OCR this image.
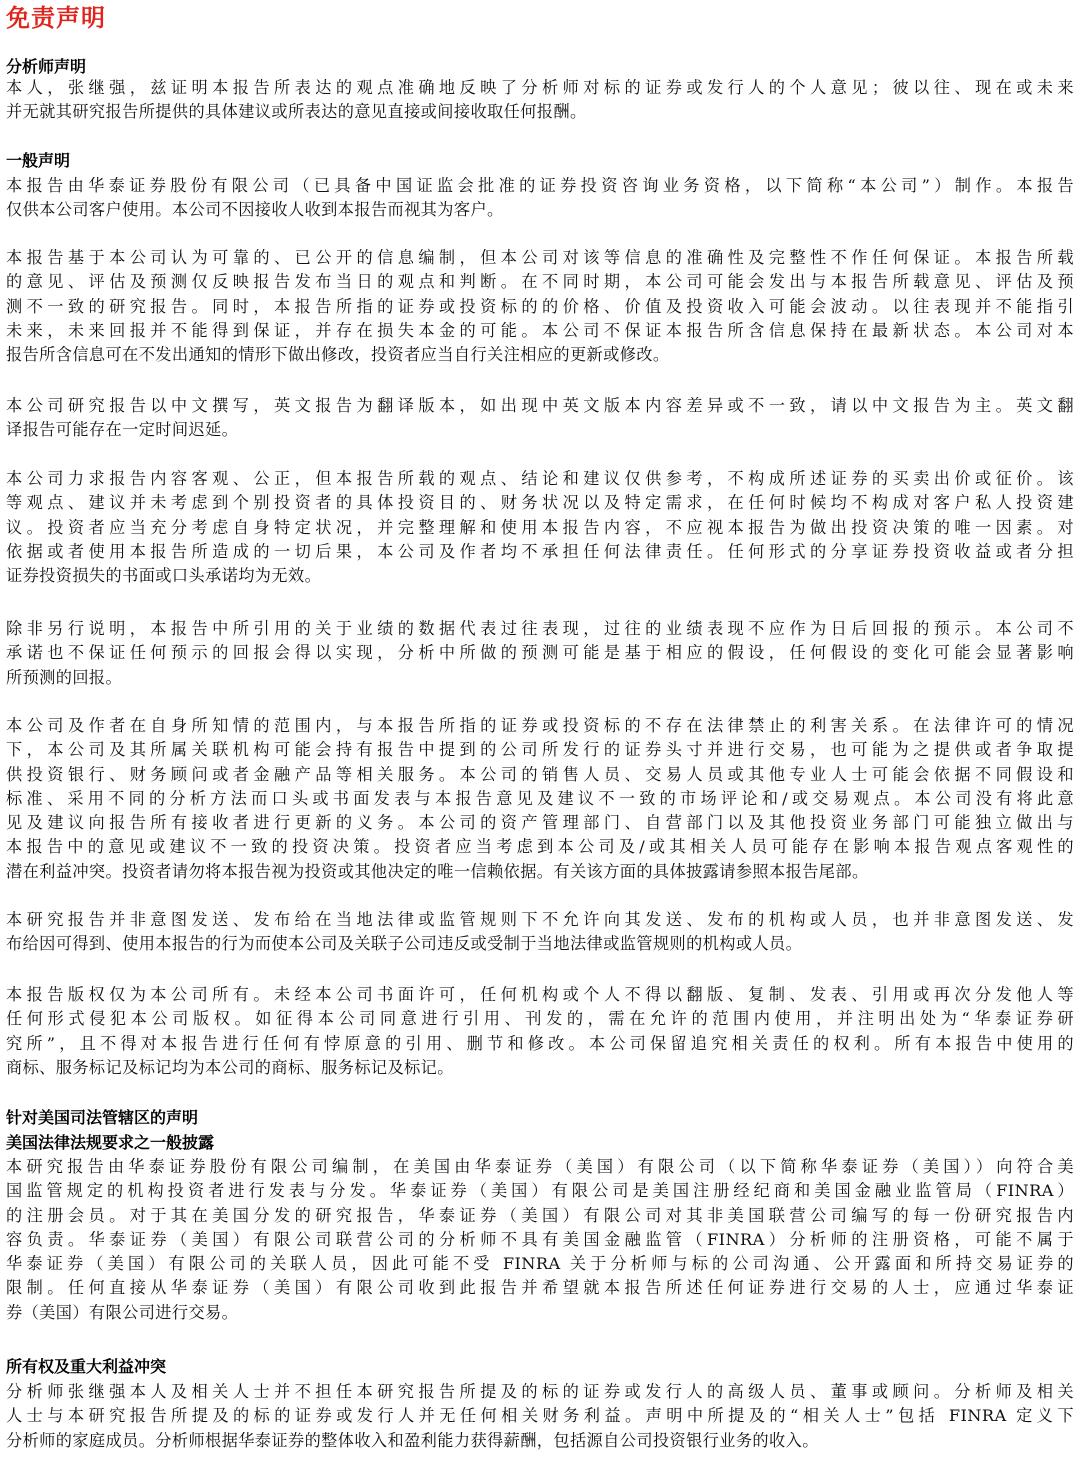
免责声明
分析师声明
本人，张继强，兹证明本报告所表达的观点准确地反映了分析师对标的证券或发行人的个人意见；彼以往、现在或未来
并无就其研究报告所提供的具体建议或所表达的意见直接或间接收取任何报酬。
一般声明
本报告由华泰证券股份有限公司（已具备中国证监会批准的证券投资咨询业务资格，以下简称“本公司”）制作。本报告
仅供本公司客户使用。本公司不因接收人收到本报告而视其为客户。
本报告基于本公司认为可靠的、已公开的信息编制，但本公司对该等信息的准确性及完整性不作任何保证。本报告所载
的意见、评估及预测仅反映报告发布当日的观点和判断。在不同时期，本公司可能会发出与本报告所载意见、评估及预
测不一致的研究报告。同时，本报告所指的证券或投资标的的价格、价值及投资收入可能会波动。以往表现并不能指引
未来，未来回报并不能得到保证，并存在损失本金的可能。本公司不保证本报告所含信息保持在最新状态。本公司对本
报告所含信息可在不发出通知的情形下做出修改，投资者应当自行关注相应的更新或修改。
本公司研究报告以中文撰写，英文报告为翻译版本，如出现中英文版本内容差异或不一致，请以中文报告为主。英文翻
译报告可能存在一定时间迟延。
本公司力求报告内容客观、公正，但本报告所载的观点、结论和建议仅供参考，不构成所述证券的买卖出价或征价。该
等观点、建议并未考虑到个别投资者的具体投资目的、财务状况以及特定需求，在任何时候均不构成对客户私人投资建
议。投资者应当充分考虑自身特定状况，并完整理解和使用本报告内容，不应视本报告为做出投资决策的唯一因素。对
依据或者使用本报告所造成的一切后果，本公司及作者均不承担任何法律责任。任何形式的分享证券投资收益或者分担
证券投资损失的书面或口头承诺均为无效。
除非另行说明，本报告中所引用的关于业绩的数据代表过往表现，过往的业绩表现不应作为日后回报的预示。本公司不
承诺也不保证任何预示的回报会得以实现，分析中所做的预测可能是基于相应的假设，任何假设的变化可能会显著影响
所预测的回报。
本公司及作者在自身所知情的范围内，与本报告所指的证券或投资标的不存在法律禁止的利害关系。在法律许可的情况
下，本公司及其所属关联机构可能会持有报告中提到的公司所发行的证券头寸并进行交易，也可能为之提供或者争取提
供投资银行、财务顾问或者金融产品等相关服务。本公司的销售人员、交易人员或其他专业人士可能会依据不同假设和
标准、采用不同的分析方法而口头或书面发表与本报告意见及建议不一致的市场评论和/或交易观点。本公司没有将此意
见及建议向报告所有接收者进行更新的义务。本公司的资产管理部门、自营部门以及其他投资业务部门可能独立做出与
本报告中的意见或建议不一致的投资决策。投资者应当考虑到本公司及/或其相关人员可能存在影响本报告观点客观性的
潜在利益冲突。投资者请勿将本报告视为投资或其他决定的唯一信赖依据。有关该方面的具体披露请参照本报告尾部。
本研究报告并非意图发送、发布给在当地法律或监管规则下不允许向其发送、发布的机构或人员，也并非意图发送、发
布给因可得到、使用本报告的行为而使本公司及关联子公司违反或受制于当地法律或监管规则的机构或人员。
本报告版权仅为本公司所有。未经本公司书面许可，任何机构或个人不得以翻版、复制、发表、引用或再次分发他人等
任何形式侵犯本公司版权。如征得本公司同意进行引用、刊发的，需在允许的范围内使用，并注明出处为“华泰证券研
究所”，且不得对本报告进行任何有悖原意的引用、删节和修改。本公司保留追究相关责任的权利。所有本报告中使用的
商标、服务标记及标记均为本公司的商标、服务标记及标记。
针对美国司法管辖区的声明
美国法律法规要求之一般披露
本研究报告由华泰证券股份有限公司编制，在美国由华泰证券（美国）有限公司（以下简称华泰证券（美国））向符合美
国监管规定的机构投资者进行发表与分发。华泰证券（美国）有限公司是美国注册经纪商和美国金融业监管局（FINRA）
的注册会员。对于其在美国分发的研究报告，华泰证券（美国）有限公司对其非美国联营公司编写的每一份研究报告内
容负责。华泰证券（美国）有限公司联营公司的分析师不具有美国金融监管（FINRA）分析师的注册资格，可能不属于
华泰证券（美国）有限公司的关联人员，因此可能不受 FINRA 关于分析师与标的公司沟通、公开露面和所持交易证券的
限制。任何直接从华泰证券（美国）有限公司收到此报告并希望就本报告所述任何证券进行交易的人士，应通过华泰证
券（美国）有限公司进行交易。
所有权及重大利益冲突
分析师张继强本人及相关人士并不担任本研究报告所提及的标的证券或发行人的高级人员、董事或顾问。分析师及相关
人士与本研究报告所提及的标的证券或发行人并无任何相关财务利益。声明中所提及的“相关人士”包括 FINRA 定义下
分析师的家庭成员。分析师根据华泰证券的整体收入和盈利能力获得薪酬，包括源自公司投资银行业务的收入。
